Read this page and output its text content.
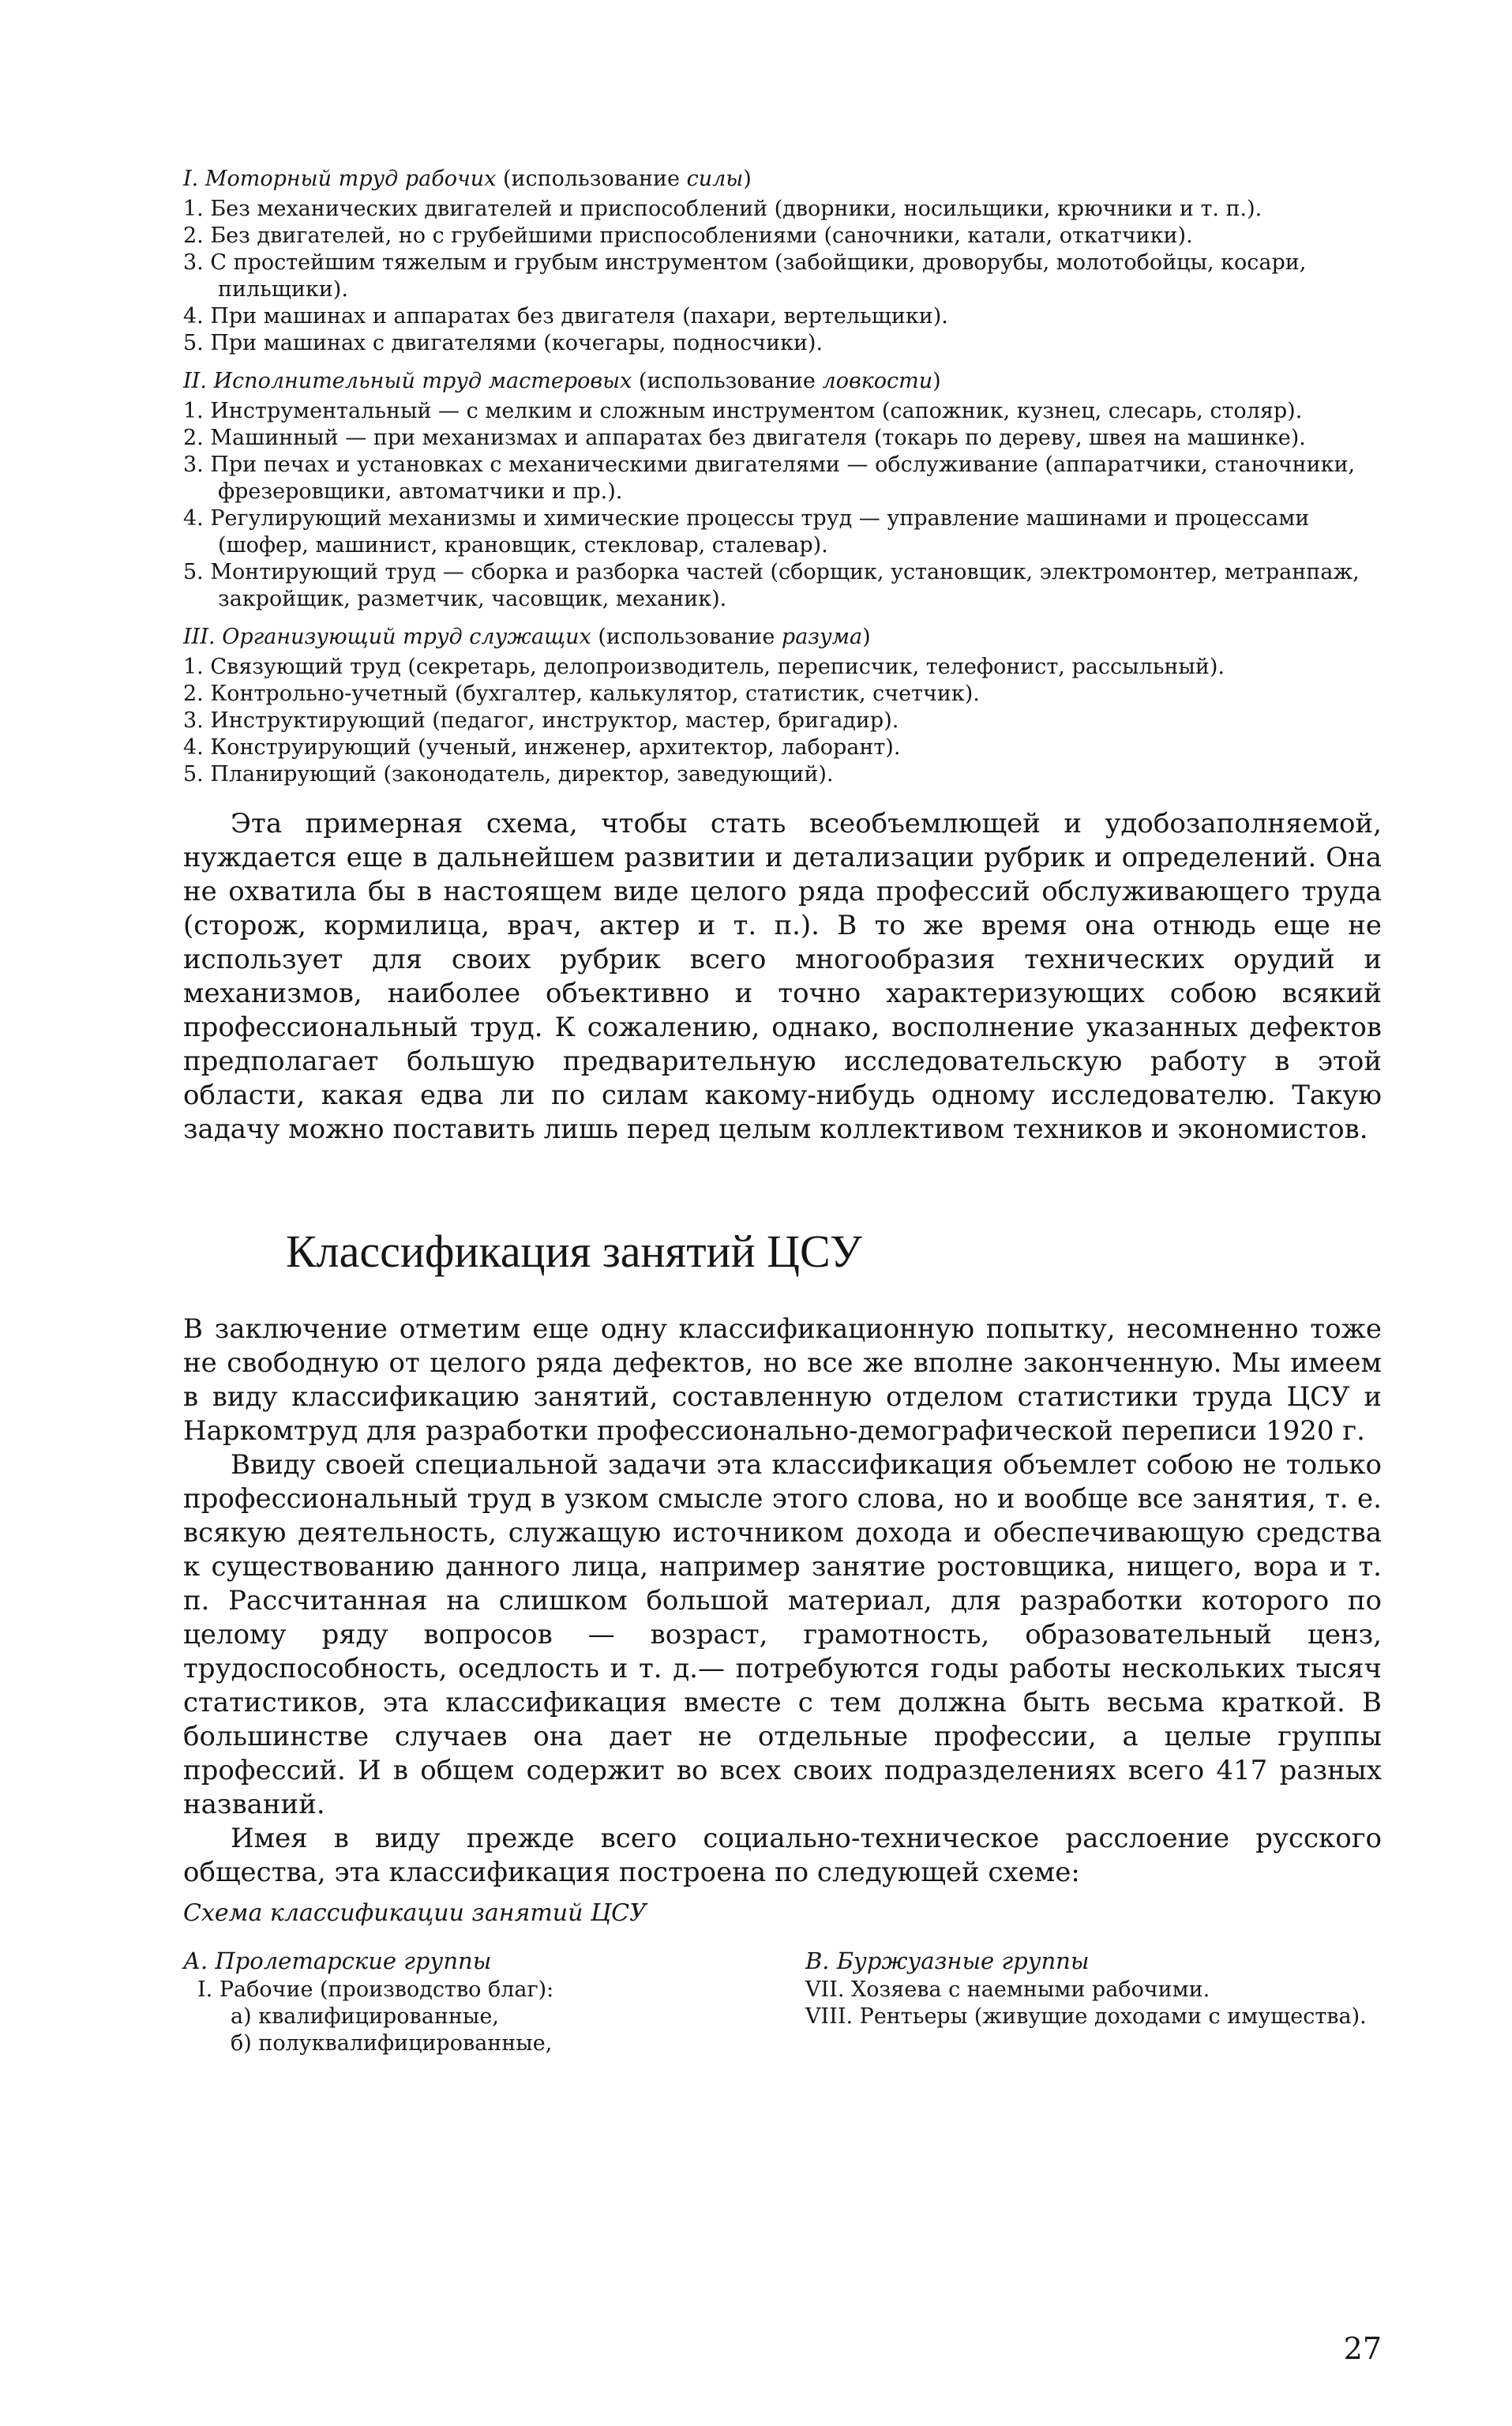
I. Моторный труд рабочих (использование силы)

1. Без механических двигателей и приспособлений (дворники, носильщики, крючники и т. п.).
2. Без двигателей, но с грубейшими приспособлениями (саночники, катали, откатчики).
3. С простейшим тяжелым и грубым инструментом (забойщики, дроворубы, молотобойцы, косари, пильщики).
4. При машинах и аппаратах без двигателя (пахари, вертельщики).
5. При машинах с двигателями (кочегары, подносчики).

II. Исполнительный труд мастеровых (использование ловкости)

1. Инструментальный — с мелким и сложным инструментом (сапожник, кузнец, слесарь, столяр).
2. Машинный — при механизмах и аппаратах без двигателя (токарь по дереву, швея на машинке).
3. При печах и установках с механическими двигателями — обслуживание (аппаратчики, станочники, фрезеровщики, автоматчики и пр.).
4. Регулирующий механизмы и химические процессы труд — управление машинами и процессами (шофер, машинист, крановщик, стекловар, сталевар).
5. Монтирующий труд — сборка и разборка частей (сборщик, установщик, электромонтер, метранпаж, закройщик, разметчик, часовщик, механик).

III. Организующий труд служащих (использование разума)

1. Связующий труд (секретарь, делопроизводитель, переписчик, телефонист, рассыльный).
2. Контрольно-учетный (бухгалтер, калькулятор, статистик, счетчик).
3. Инструктирующий (педагог, инструктор, мастер, бригадир).
4. Конструирующий (ученый, инженер, архитектор, лаборант).
5. Планирующий (законодатель, директор, заведующий).

Эта примерная схема, чтобы стать всеобъемлющей и удобозаполняемой, нуждается еще в дальнейшем развитии и детализации рубрик и определений. Она не охватила бы в настоящем виде целого ряда профессий обслуживающего труда (сторож, кормилица, врач, актер и т. п.). В то же время она отнюдь еще не использует для своих рубрик всего многообразия технических орудий и механизмов, наиболее объективно и точно характеризующих собою всякий профессиональный труд. К сожалению, однако, восполнение указанных дефектов предполагает большую предварительную исследовательскую работу в этой области, какая едва ли по силам какому-нибудь одному исследователю. Такую задачу можно поставить лишь перед целым коллективом техников и экономистов.

Классификация занятий ЦСУ

В заключение отметим еще одну классификационную попытку, несомненно тоже не свободную от целого ряда дефектов, но все же вполне законченную. Мы имеем в виду классификацию занятий, составленную отделом статистики труда ЦСУ и Наркомтруд для разработки профессионально-демографической переписи 1920 г.

Ввиду своей специальной задачи эта классификация объемлет собою не только профессиональный труд в узком смысле этого слова, но и вообще все занятия, т. е. всякую деятельность, служащую источником дохода и обеспечивающую средства к существованию данного лица, например занятие ростовщика, нищего, вора и т. п. Рассчитанная на слишком большой материал, для разработки которого по целому ряду вопросов — возраст, грамотность, образовательный ценз, трудоспособность, оседлость и т. д.— потребуются годы работы нескольких тысяч статистиков, эта классификация вместе с тем должна быть весьма краткой. В большинстве случаев она дает не отдельные профессии, а целые группы профессий. И в общем содержит во всех своих подразделениях всего 417 разных названий.

Имея в виду прежде всего социально-техническое расслоение русского общества, эта классификация построена по следующей схеме:

Схема классификации занятий ЦСУ

А. Пролетарские группы

I. Рабочие (производство благ):

а) квалифицированные,

б) полуквалифицированные,

В. Буржуазные группы

VII. Хозяева с наемными рабочими.

VIII. Рентьеры (живущие доходами с имущества).

27
